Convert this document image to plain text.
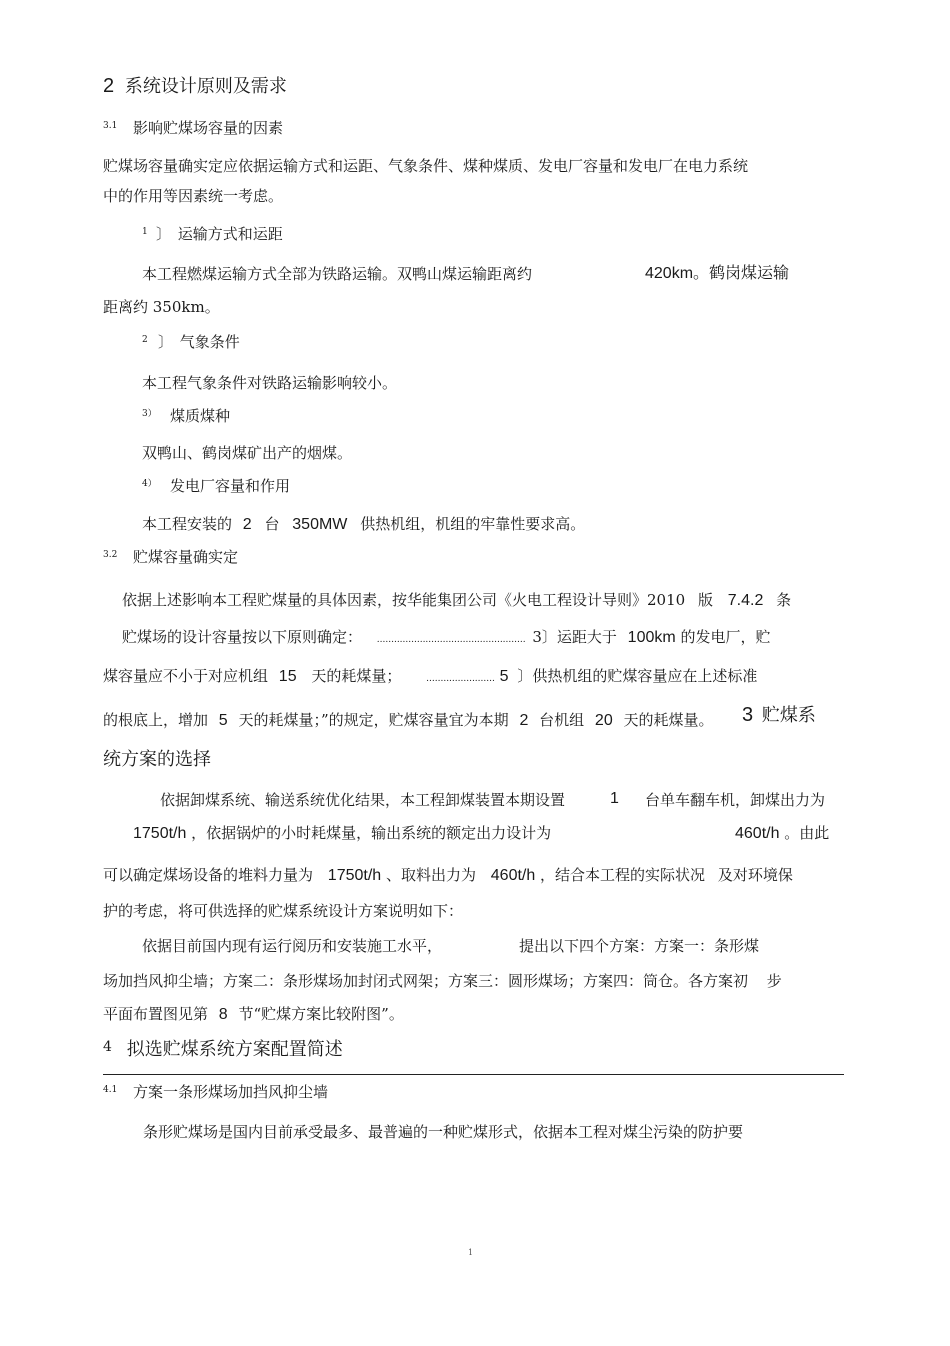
2 系统设计原则及需求
3.1 影响贮煤场容量的因素
贮煤场容量确实定应依据运输方式和运距、气象条件、煤种煤质、发电厂容量和发电厂在电力系统
中的作用等因素统一考虑。
1 〕 运输方式和运距
本工程燃煤运输方式全部为铁路运输。双鸭山煤运输距离约	420km。鹤岗煤运输
距离约 350km。
2 〕 气象条件
本工程气象条件对铁路运输影响较小。
3） 煤质煤种
双鸭山、鹤岗煤矿出产的烟煤。
4） 发电厂容量和作用
本工程安装的 2 台 350MW 供热机组，机组的牢靠性要求高。
3.2 贮煤容量确实定
依据上述影响本工程贮煤量的具体因素，按华能集团公司《火电工程设计导则》2010 版 7.4.2 条
贮煤场的设计容量按以下原则确定： .................................................... 3〕运距大于 100km 的发电厂，贮
煤容量应不小于对应机组 15 天的耗煤量；	........................ 5 〕供热机组的贮煤容量应在上述标准
的根底上，增加 5 天的耗煤量；”的规定，贮煤容量宜为本期 2 台机组 20 天的耗煤量。 3 贮煤系
统方案的选择
依据卸煤系统、输送系统优化结果，本工程卸煤装置本期设置	1 台单车翻车机，卸煤出力为
1750t/h ，依据锅炉的小时耗煤量，输出系统的额定出力设计为	460t/h 。由此
可以确定煤场设备的堆料力量为 1750t/h 、取料出力为 460t/h ，结合本工程的实际状况 及对环境保
护的考虑，将可供选择的贮煤系统设计方案说明如下：
依据目前国内现有运行阅历和安装施工水平，	提出以下四个方案：方案一：条形煤
场加挡风抑尘墙；方案二：条形煤场加封闭式网架；方案三：圆形煤场；方案四：筒仓。各方案初 步
平面布置图见第 8 节“贮煤方案比较附图”。
4 拟选贮煤系统方案配置简述
4.1 方案一条形煤场加挡风抑尘墙
条形贮煤场是国内目前承受最多、最普遍的一种贮煤形式，依据本工程对煤尘污染的防护要
1
